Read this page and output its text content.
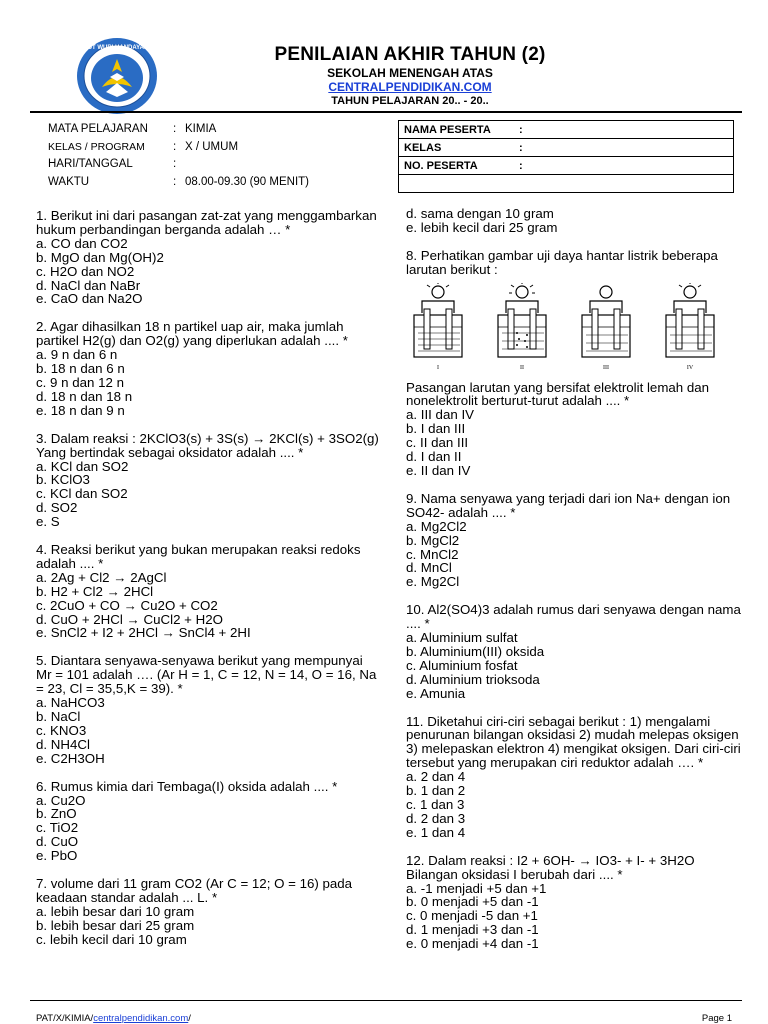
TUT WURI HANDAYANI	PENILAIAN AKHIR TAHUN (2)
SEKOLAH MENENGAH ATAS
CENTRALPENDIDIKAN.COM
TAHUN PELAJARAN 20.. - 20..
MATA PELAJARAN	: KIMIA
KELAS / PROGRAM	: X / UMUM
HARI/TANGGAL	:
WAKTU	: 08.00-09.30 (90 MENIT)
NAMA PESERTA	:
KELAS	:
NO. PESERTA	:

1. Berikut ini dari pasangan zat-zat yang menggambarkan hukum perbandingan berganda adalah … *

a. CO dan CO2

b. MgO dan Mg(OH)2

c. H2O dan NO2

d. NaCl dan NaBr

e. CaO dan Na2O

2. Agar dihasilkan 18 n partikel uap air, maka jumlah partikel H2(g) dan O2(g) yang diperlukan adalah .... *

a. 9 n dan 6 n

b. 18 n dan 6 n

c. 9 n dan 12 n

d. 18 n dan 18 n

e. 18 n dan 9 n

3. Dalam reaksi : 2KClO3(s) + 3S(s) → 2KCl(s) + 3SO2(g) Yang bertindak sebagai oksidator adalah .... *

a. KCl dan SO2

b. KClO3

c. KCl dan SO2

d. SO2

e. S

4. Reaksi berikut yang bukan merupakan reaksi redoks adalah .... *

a. 2Ag + Cl2 → 2AgCl

b. H2 + Cl2 → 2HCl

c. 2CuO + CO → Cu2O + CO2

d. CuO + 2HCl → CuCl2 + H2O

e. SnCl2 + I2 + 2HCl → SnCl4 + 2HI

5. Diantara senyawa-senyawa berikut yang mempunyai Mr = 101 adalah …. (Ar H = 1, C = 12, N = 14, O = 16, Na = 23, Cl = 35,5,K = 39). *

a. NaHCO3

b. NaCl

c. KNO3

d. NH4Cl

e. C2H3OH

6. Rumus kimia dari Tembaga(I) oksida adalah .... *

a. Cu2O

b. ZnO

c. TiO2

d. CuO

e. PbO

7. volume dari 11 gram CO2 (Ar C = 12; O = 16) pada keadaan standar adalah ... L. *

a. lebih besar dari 10 gram

b. lebih besar dari 25 gram

c. lebih kecil dari 10 gram

d. sama dengan 10 gram

e. lebih kecil dari 25 gram

8. Perhatikan gambar uji daya hantar listrik beberapa larutan berikut :

I	II	III	IV

Pasangan larutan yang bersifat elektrolit lemah dan nonelektrolit berturut-turut adalah .... *

a. III dan IV

b. I dan III

c. II dan III

d. I dan II

e. II dan IV

9. Nama senyawa yang terjadi dari ion Na+ dengan ion SO42- adalah .... *

a. Mg2Cl2

b. MgCl2

c. MnCl2

d. MnCl

e. Mg2Cl

10. Al2(SO4)3 adalah rumus dari senyawa dengan nama .... *

a. Aluminium sulfat

b. Aluminium(III) oksida

c. Aluminium fosfat

d. Aluminium trioksoda

e. Amunia

11. Diketahui ciri-ciri sebagai berikut : 1) mengalami penurunan bilangan oksidasi 2) mudah melepas oksigen 3) melepaskan elektron 4) mengikat oksigen. Dari ciri-ciri tersebut yang merupakan ciri reduktor adalah …. *

a. 2 dan 4

b. 1 dan 2

c. 1 dan 3

d. 2 dan 3

e. 1 dan 4

12. Dalam reaksi : I2 + 6OH- → IO3- + I- + 3H2O Bilangan oksidasi I berubah dari .... *

a. -1 menjadi +5 dan +1

b. 0 menjadi +5 dan -1

c. 0 menjadi -5 dan +1

d. 1 menjadi +3 dan -1

e. 0 menjadi +4 dan -1

PAT/X/KIMIA/centralpendidikan.com/	Page 1
